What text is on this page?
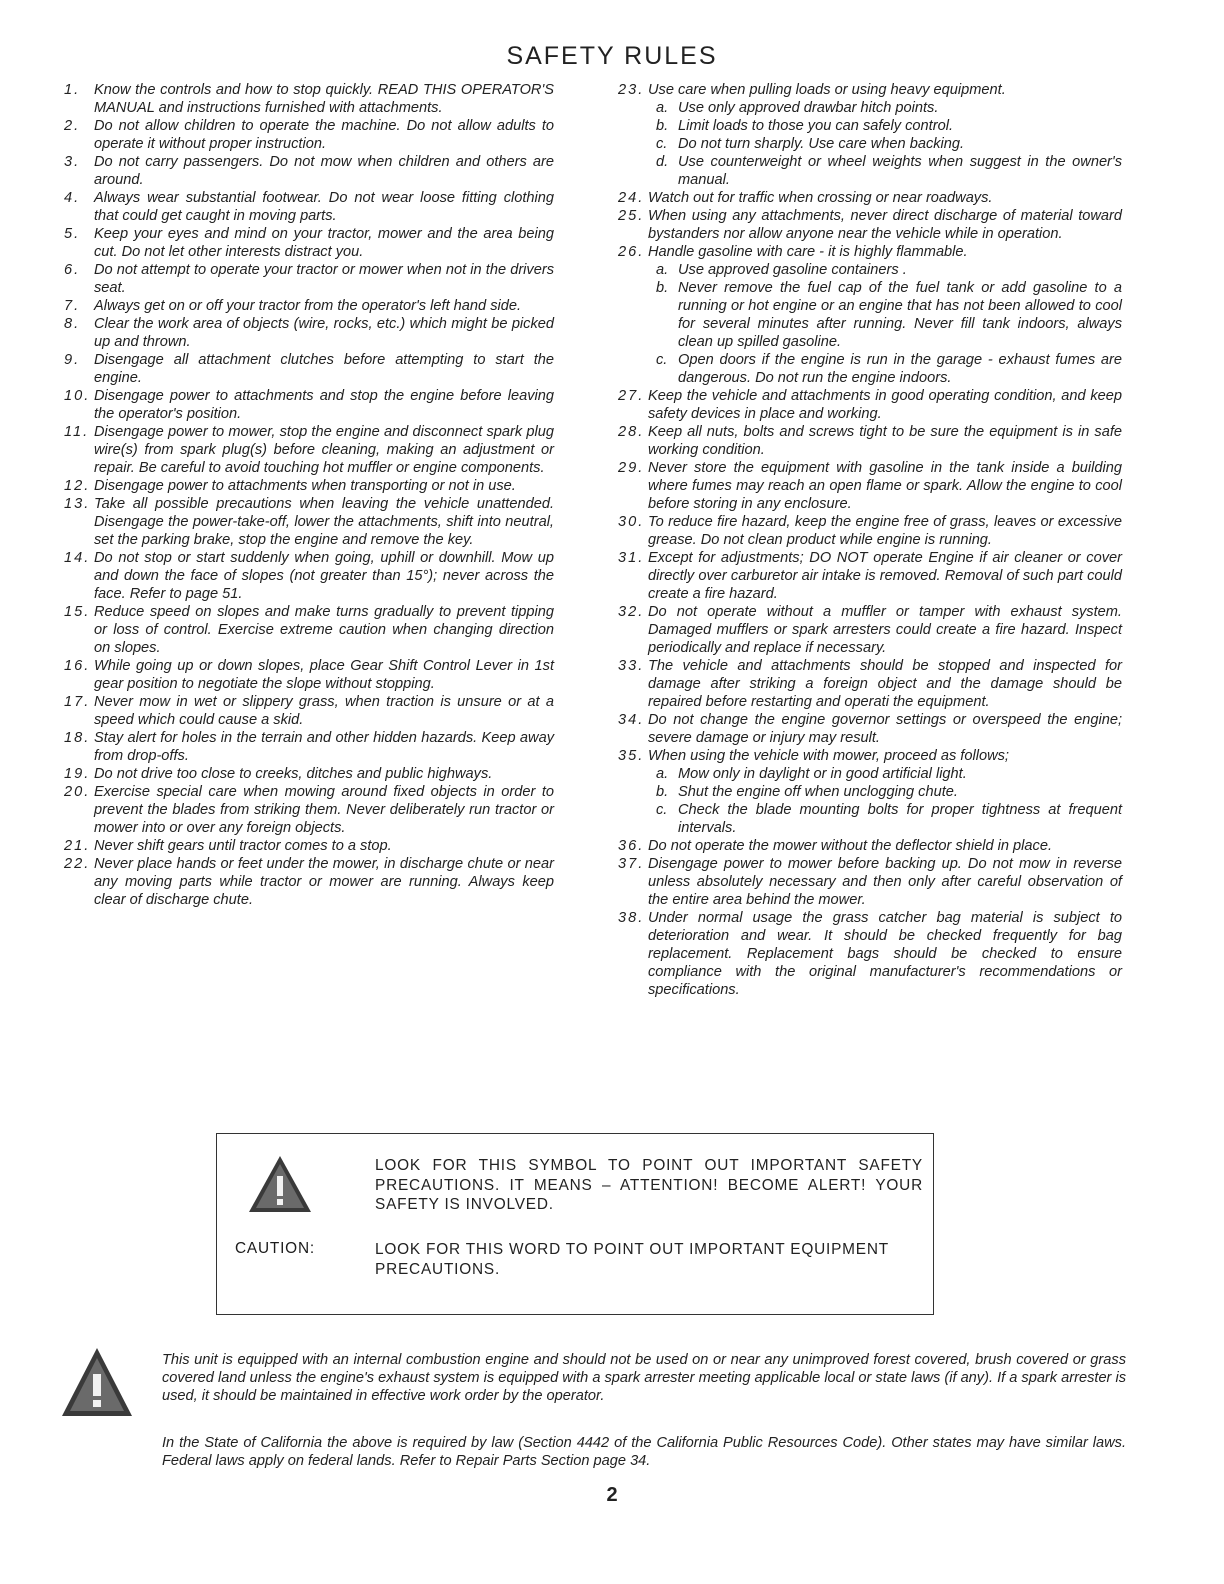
SAFETY RULES
1. Know the controls and how to stop quickly. READ THIS OPERATOR'S MANUAL and instructions furnished with attachments.
2. Do not allow children to operate the machine. Do not allow adults to operate it without proper instruction.
3. Do not carry passengers. Do not mow when children and others are around.
4. Always wear substantial footwear. Do not wear loose fitting clothing that could get caught in moving parts.
5. Keep your eyes and mind on your tractor, mower and the area being cut. Do not let other interests distract you.
6. Do not attempt to operate your tractor or mower when not in the drivers seat.
7. Always get on or off your tractor from the operator's left hand side.
8. Clear the work area of objects (wire, rocks, etc.) which might be picked up and thrown.
9. Disengage all attachment clutches before attempting to start the engine.
10. Disengage power to attachments and stop the engine before leaving the operator's position.
11. Disengage power to mower, stop the engine and disconnect spark plug wire(s) from spark plug(s) before cleaning, making an adjustment or repair. Be careful to avoid touching hot muffler or engine components.
12. Disengage power to attachments when transporting or not in use.
13. Take all possible precautions when leaving the vehicle unattended. Disengage the power-take-off, lower the attachments, shift into neutral, set the parking brake, stop the engine and remove the key.
14. Do not stop or start suddenly when going, uphill or downhill. Mow up and down the face of slopes (not greater than 15°); never across the face. Refer to page 51.
15. Reduce speed on slopes and make turns gradually to prevent tipping or loss of control. Exercise extreme caution when changing direction on slopes.
16. While going up or down slopes, place Gear Shift Control Lever in 1st gear position to negotiate the slope without stopping.
17. Never mow in wet or slippery grass, when traction is unsure or at a speed which could cause a skid.
18. Stay alert for holes in the terrain and other hidden hazards. Keep away from drop-offs.
19. Do not drive too close to creeks, ditches and public highways.
20. Exercise special care when mowing around fixed objects in order to prevent the blades from striking them. Never deliberately run tractor or mower into or over any foreign objects.
21. Never shift gears until tractor comes to a stop.
22. Never place hands or feet under the mower, in discharge chute or near any moving parts while tractor or mower are running. Always keep clear of discharge chute.
23. Use care when pulling loads or using heavy equipment.
a. Use only approved drawbar hitch points.
b. Limit loads to those you can safely control.
c. Do not turn sharply. Use care when backing.
d. Use counterweight or wheel weights when suggest in the owner's manual.
24. Watch out for traffic when crossing or near roadways.
25. When using any attachments, never direct discharge of material toward bystanders nor allow anyone near the vehicle while in operation.
26. Handle gasoline with care - it is highly flammable.
a. Use approved gasoline containers .
b. Never remove the fuel cap of the fuel tank or add gasoline to a running or hot engine or an engine that has not been allowed to cool for several minutes after running. Never fill tank indoors, always clean up spilled gasoline.
c. Open doors if the engine is run in the garage - exhaust fumes are dangerous. Do not run the engine indoors.
27. Keep the vehicle and attachments in good operating condition, and keep safety devices in place and working.
28. Keep all nuts, bolts and screws tight to be sure the equipment is in safe working condition.
29. Never store the equipment with gasoline in the tank inside a building where fumes may reach an open flame or spark. Allow the engine to cool before storing in any enclosure.
30. To reduce fire hazard, keep the engine free of grass, leaves or excessive grease. Do not clean product while engine is running.
31. Except for adjustments; DO NOT operate Engine if air cleaner or cover directly over carburetor air intake is removed. Removal of such part could create a fire hazard.
32. Do not operate without a muffler or tamper with exhaust system. Damaged mufflers or spark arresters could create a fire hazard. Inspect periodically and replace if necessary.
33. The vehicle and attachments should be stopped and inspected for damage after striking a foreign object and the damage should be repaired before restarting and operati the equipment.
34. Do not change the engine governor settings or overspeed the engine; severe damage or injury may result.
35. When using the vehicle with mower, proceed as follows;
a. Mow only in daylight or in good artificial light.
b. Shut the engine off when unclogging chute.
c. Check the blade mounting bolts for proper tightness at frequent intervals.
36. Do not operate the mower without the deflector shield in place.
37. Disengage power to mower before backing up. Do not mow in reverse unless absolutely necessary and then only after careful observation of the entire area behind the mower.
38. Under normal usage the grass catcher bag material is subject to deterioration and wear. It should be checked frequently for bag replacement. Replacement bags should be checked to ensure compliance with the original manufacturer's recommendations or specifications.
LOOK FOR THIS SYMBOL TO POINT OUT IMPORTANT SAFETY PRECAUTIONS. IT MEANS – ATTENTION! BECOME ALERT! YOUR SAFETY IS INVOLVED.
CAUTION:	LOOK FOR THIS WORD TO POINT OUT IMPORTANT EQUIPMENT PRECAUTIONS.
This unit is equipped with an internal combustion engine and should not be used on or near any unimproved forest covered, brush covered or grass covered land unless the engine's exhaust system is equipped with a spark arrester meeting applicable local or state laws (if any). If a spark arrester is used, it should be maintained in effective work order by the operator.
In the State of California the above is required by law (Section 4442 of the California Public Resources Code). Other states may have similar laws. Federal laws apply on federal lands. Refer to Repair Parts Section page 34.
2
